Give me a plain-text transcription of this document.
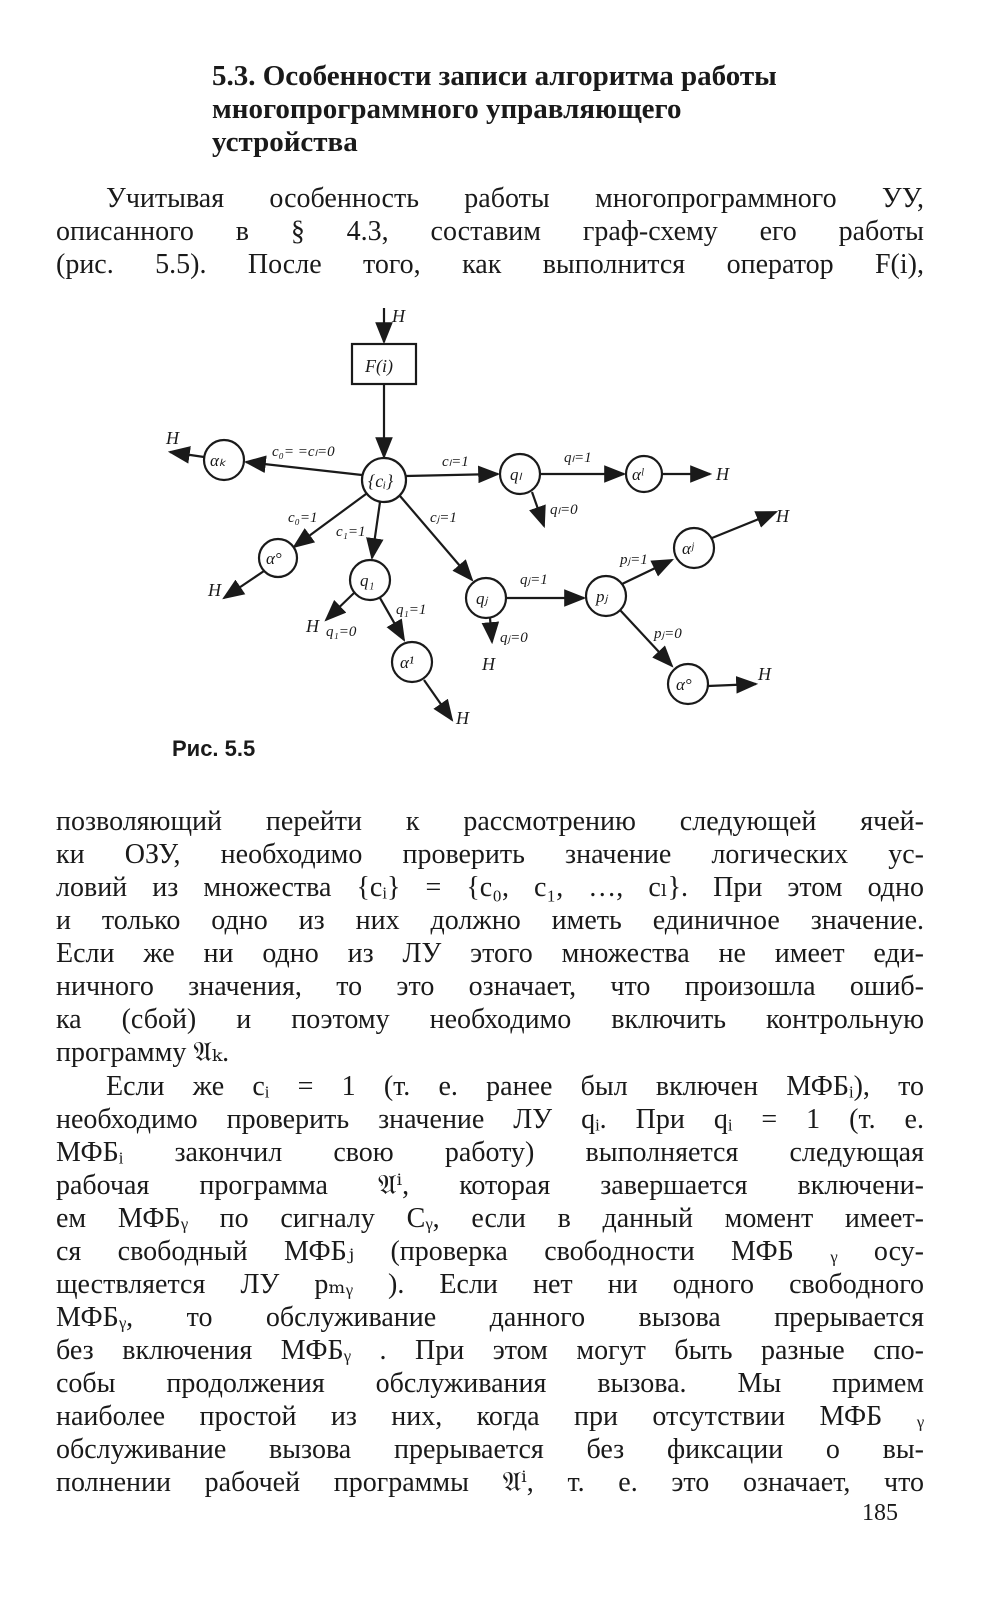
5.3. Особенности записи алгоритма работы
многопрограммного управляющего
устройства
Учитывая особенность работы многопрограммного УУ,
описанного в § 4.3, составим граф-схему его работы
(рис. 5.5). После того, как выполнится оператор F(i),
H
F(i)
{cᵢ}
αₖ
α°
q₁
α¹
qⱼ	pⱼ
αʲ
α°
qₗ	αˡ
H
H
H
H
H
H
H
H
c₀= =cₗ=0
cₗ=1	qₗ=1
qₗ=0
c₀=1
c₁=1
cⱼ=1
q₁=1
q₁=0
qⱼ=1
qⱼ=0
pⱼ=1
pⱼ=0
Рис. 5.5
позволяющий перейти к рассмотрению следующей ячей-
ки ОЗУ, необходимо проверить значение логических ус-
ловий из множества {cᵢ} = {c₀, c₁, …, cₗ}. При этом одно
и только одно из них должно иметь единичное значение.
Если же ни одно из ЛУ этого множества не имеет еди-
ничного значения, то это означает, что произошла ошиб-
ка (сбой) и поэтому необходимо включить контрольную
программу 𝔄ₖ.
Если же cᵢ = 1 (т. е. ранее был включен МФБᵢ), то
необходимо проверить значение ЛУ qᵢ. При qᵢ = 1 (т. е.
МФБᵢ закончил свою работу) выполняется следующая
рабочая программа 𝔄ⁱ, которая завершается включени-
ем МФБᵧ по сигналу Cᵧ, если в данный момент имеет-
ся свободный МФБⱼ (проверка свободности МФБ ᵧ осу-
ществляется ЛУ pₘᵧ ). Если нет ни одного свободного
МФБᵧ, то обслуживание данного вызова прерывается
без включения МФБᵧ . При этом могут быть разные спо-
собы продолжения обслуживания вызова. Мы примем
наиболее простой из них, когда при отсутствии МФБ ᵧ
обслуживание вызова прерывается без фиксации о вы-
полнении рабочей программы 𝔄ⁱ, т. е. это означает, что
185
